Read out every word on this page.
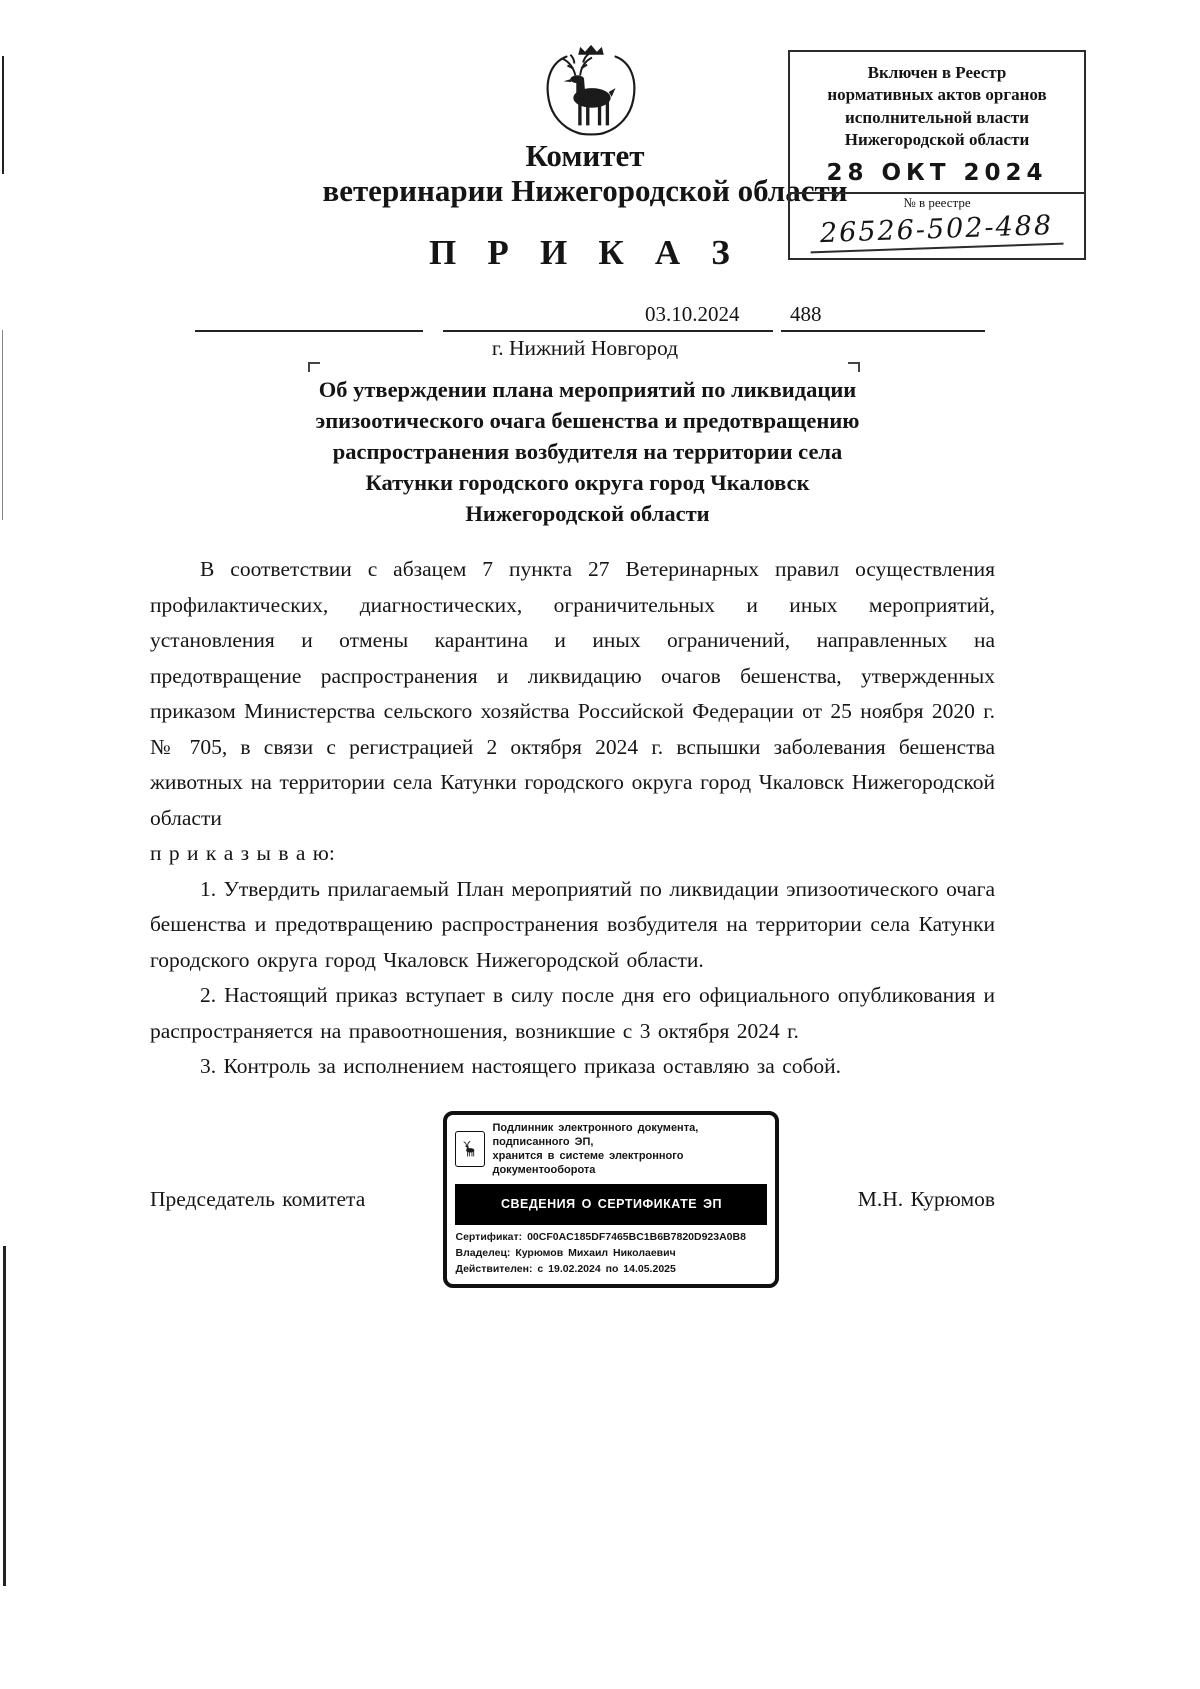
Включен в Реестр
нормативных актов органов
исполнительной власти
Нижегородской области
28 ОКТ 2024
№ в реестре
26526-502-488
Комитет
ветеринарии Нижегородской области
П Р И К А З
03.10.2024 488
г. Нижний Новгород
Об утверждении плана мероприятий по ликвидации эпизоотического очага бешенства и предотвращению распространения возбудителя на территории села Катунки городского округа город Чкаловск Нижегородской области

В соответствии с абзацем 7 пункта 27 Ветеринарных правил осуществления профилактических, диагностических, ограничительных и иных мероприятий, установления и отмены карантина и иных ограничений, направленных на предотвращение распространения и ликвидацию очагов бешенства, утвержденных приказом Министерства сельского хозяйства Российской Федерации от 25 ноября 2020 г. № 705, в связи с регистрацией 2 октября 2024 г. вспышки заболевания бешенства животных на территории села Катунки городского округа город Чкаловск Нижегородской области

п р и к а з ы в а ю:

1. Утвердить прилагаемый План мероприятий по ликвидации эпизоотического очага бешенства и предотвращению распространения возбудителя на территории села Катунки городского округа город Чкаловск Нижегородской области.

2. Настоящий приказ вступает в силу после дня его официального опубликования и распространяется на правоотношения, возникшие с 3 октября 2024 г.

3. Контроль за исполнением настоящего приказа оставляю за собой.

Председатель комитета
Подлинник электронного документа, подписанного ЭП,
хранится в системе электронного документооборота
СВЕДЕНИЯ О СЕРТИФИКАТЕ ЭП
Сертификат: 00CF0AC185DF7465BC1B6B7820D923A0B8
Владелец: Курюмов Михаил Николаевич
Действителен: с 19.02.2024 по 14.05.2025
М.Н. Курюмов
